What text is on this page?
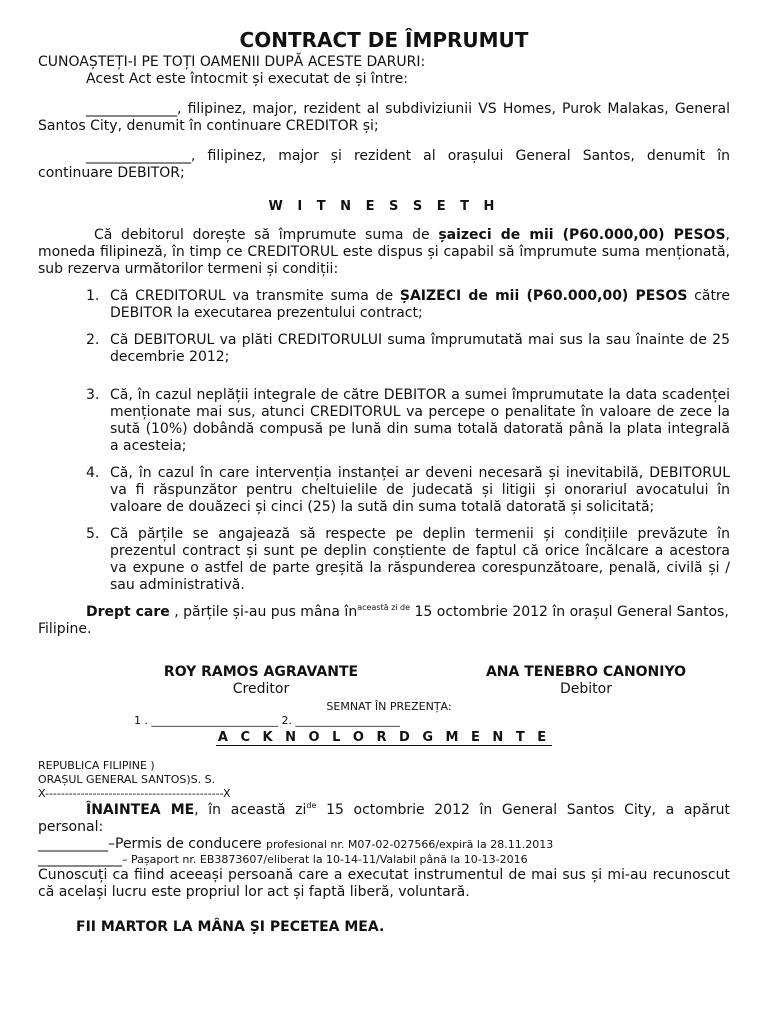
CONTRACT DE ÎMPRUMUT

CUNOAȘTEȚI-I PE TOȚI OAMENII DUPĂ ACESTE DARURI:

Acest Act este întocmit și executat de și între:

_____________, filipinez, major, rezident al subdiviziunii VS Homes, Purok Malakas, General Santos City, denumit în continuare CREDITOR și;

_______________, filipinez, major și rezident al orașului General Santos, denumit în continuare DEBITOR;

W I T N E S S E T H

Că debitorul dorește să împrumute suma de șaizeci de mii (P60.000,00) PESOS, moneda filipineză, în timp ce CREDITORUL este dispus și capabil să împrumute suma menționată, sub rezerva următorilor termeni și condiții:

1. Că CREDITORUL va transmite suma de ȘAIZECI de mii (P60.000,00) PESOS către DEBITOR la executarea prezentului contract;
2. Că DEBITORUL va plăti CREDITORULUI suma împrumutată mai sus la sau înainte de 25 decembrie 2012;
3. Că, în cazul neplății integrale de către DEBITOR a sumei împrumutate la data scadenței menționate mai sus, atunci CREDITORUL va percepe o penalitate în valoare de zece la sută (10%) dobândă compusă pe lună din suma totală datorată până la plata integrală a acesteia;
4. Că, în cazul în care intervenția instanței ar deveni necesară și inevitabilă, DEBITORUL va fi răspunzător pentru cheltuielile de judecată și litigii și onorariul avocatului în valoare de douăzeci și cinci (25) la sută din suma totală datorată și solicitată;
5. Că părțile se angajează să respecte pe deplin termenii și condițiile prevăzute în prezentul contract și sunt pe deplin conștiente de faptul că orice încălcare a acestora va expune o astfel de parte greșită la răspunderea corespunzătoare, penală, civilă și / sau administrativă.

Drept care , părțile și-au pus mâna $în^{această zi de}$ 15 octombrie 2012 în orașul General Santos, Filipine.

ROY RAMOS AGRAVANTE
Creditor
ANA TENEBRO CANONIYO
Debitor
SEMNAT ÎN PREZENȚA:
1 . _______________________ 2. ___________________
A C K N O L O R D G M E N T E

REPUBLICA FILIPINE )

ORAȘUL GENERAL SANTOS)S. S.

X---------------------------------------------X

ÎNAINTEA ME, în această $zi^{de}$ 15 octombrie 2012 în General Santos City, a apărut personal:

__________–Permis de conducere profesional nr. M07-02-027566/expiră la 28.11.2013

____________– Pașaport nr. EB3873607/eliberat la 10-14-11/Valabil până la 10-13-2016

Cunoscuți ca fiind aceeași persoană care a executat instrumentul de mai sus și mi-au recunoscut că același lucru este propriul lor act și faptă liberă, voluntară.

FII MARTOR LA MÂNA ȘI PECETEA MEA.
